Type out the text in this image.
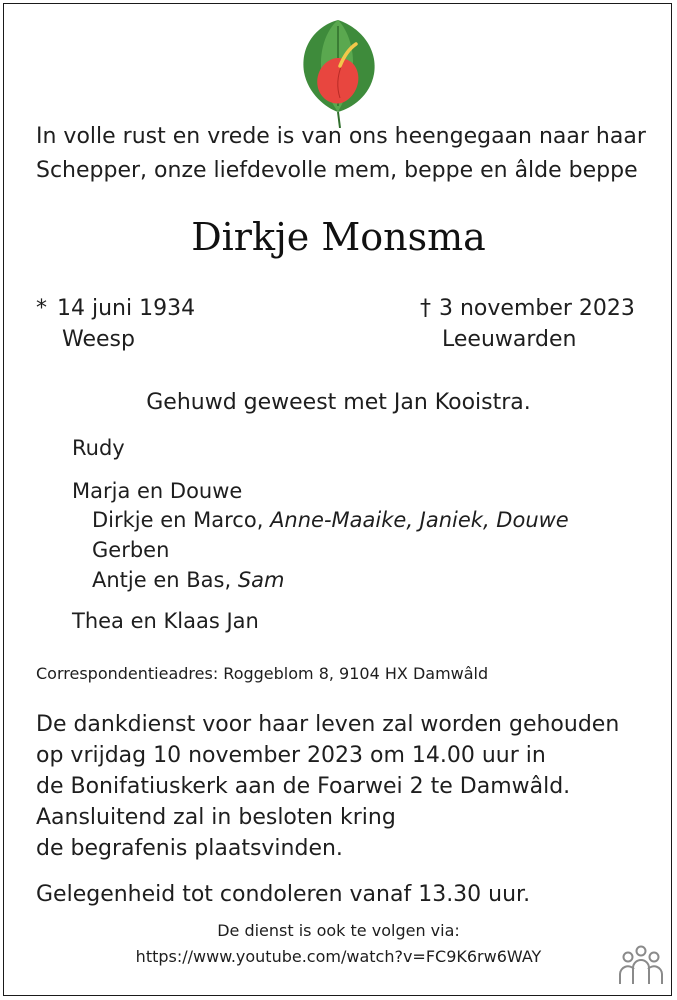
In volle rust en vrede is van ons heengegaan naar haar

Schepper, onze liefdevolle mem, beppe en âlde beppe

Dirkje Monsma

* 14 juni 1934

Weesp

† 3 november 2023

Leeuwarden

Gehuwd geweest met Jan Kooistra.

Rudy

Marja en Douwe

Dirkje en Marco, Anne-Maaike, Janiek, Douwe

Gerben

Antje en Bas, Sam

Thea en Klaas Jan

Correspondentieadres: Roggeblom 8, 9104 HX Damwâld

De dankdienst voor haar leven zal worden gehouden

op vrijdag 10 november 2023 om 14.00 uur in

de Bonifatiuskerk aan de Foarwei 2 te Damwâld.

Aansluitend zal in besloten kring

de begrafenis plaatsvinden.

Gelegenheid tot condoleren vanaf 13.30 uur.

De dienst is ook te volgen via:

https://www.youtube.com/watch?v=FC9K6rw6WAY
